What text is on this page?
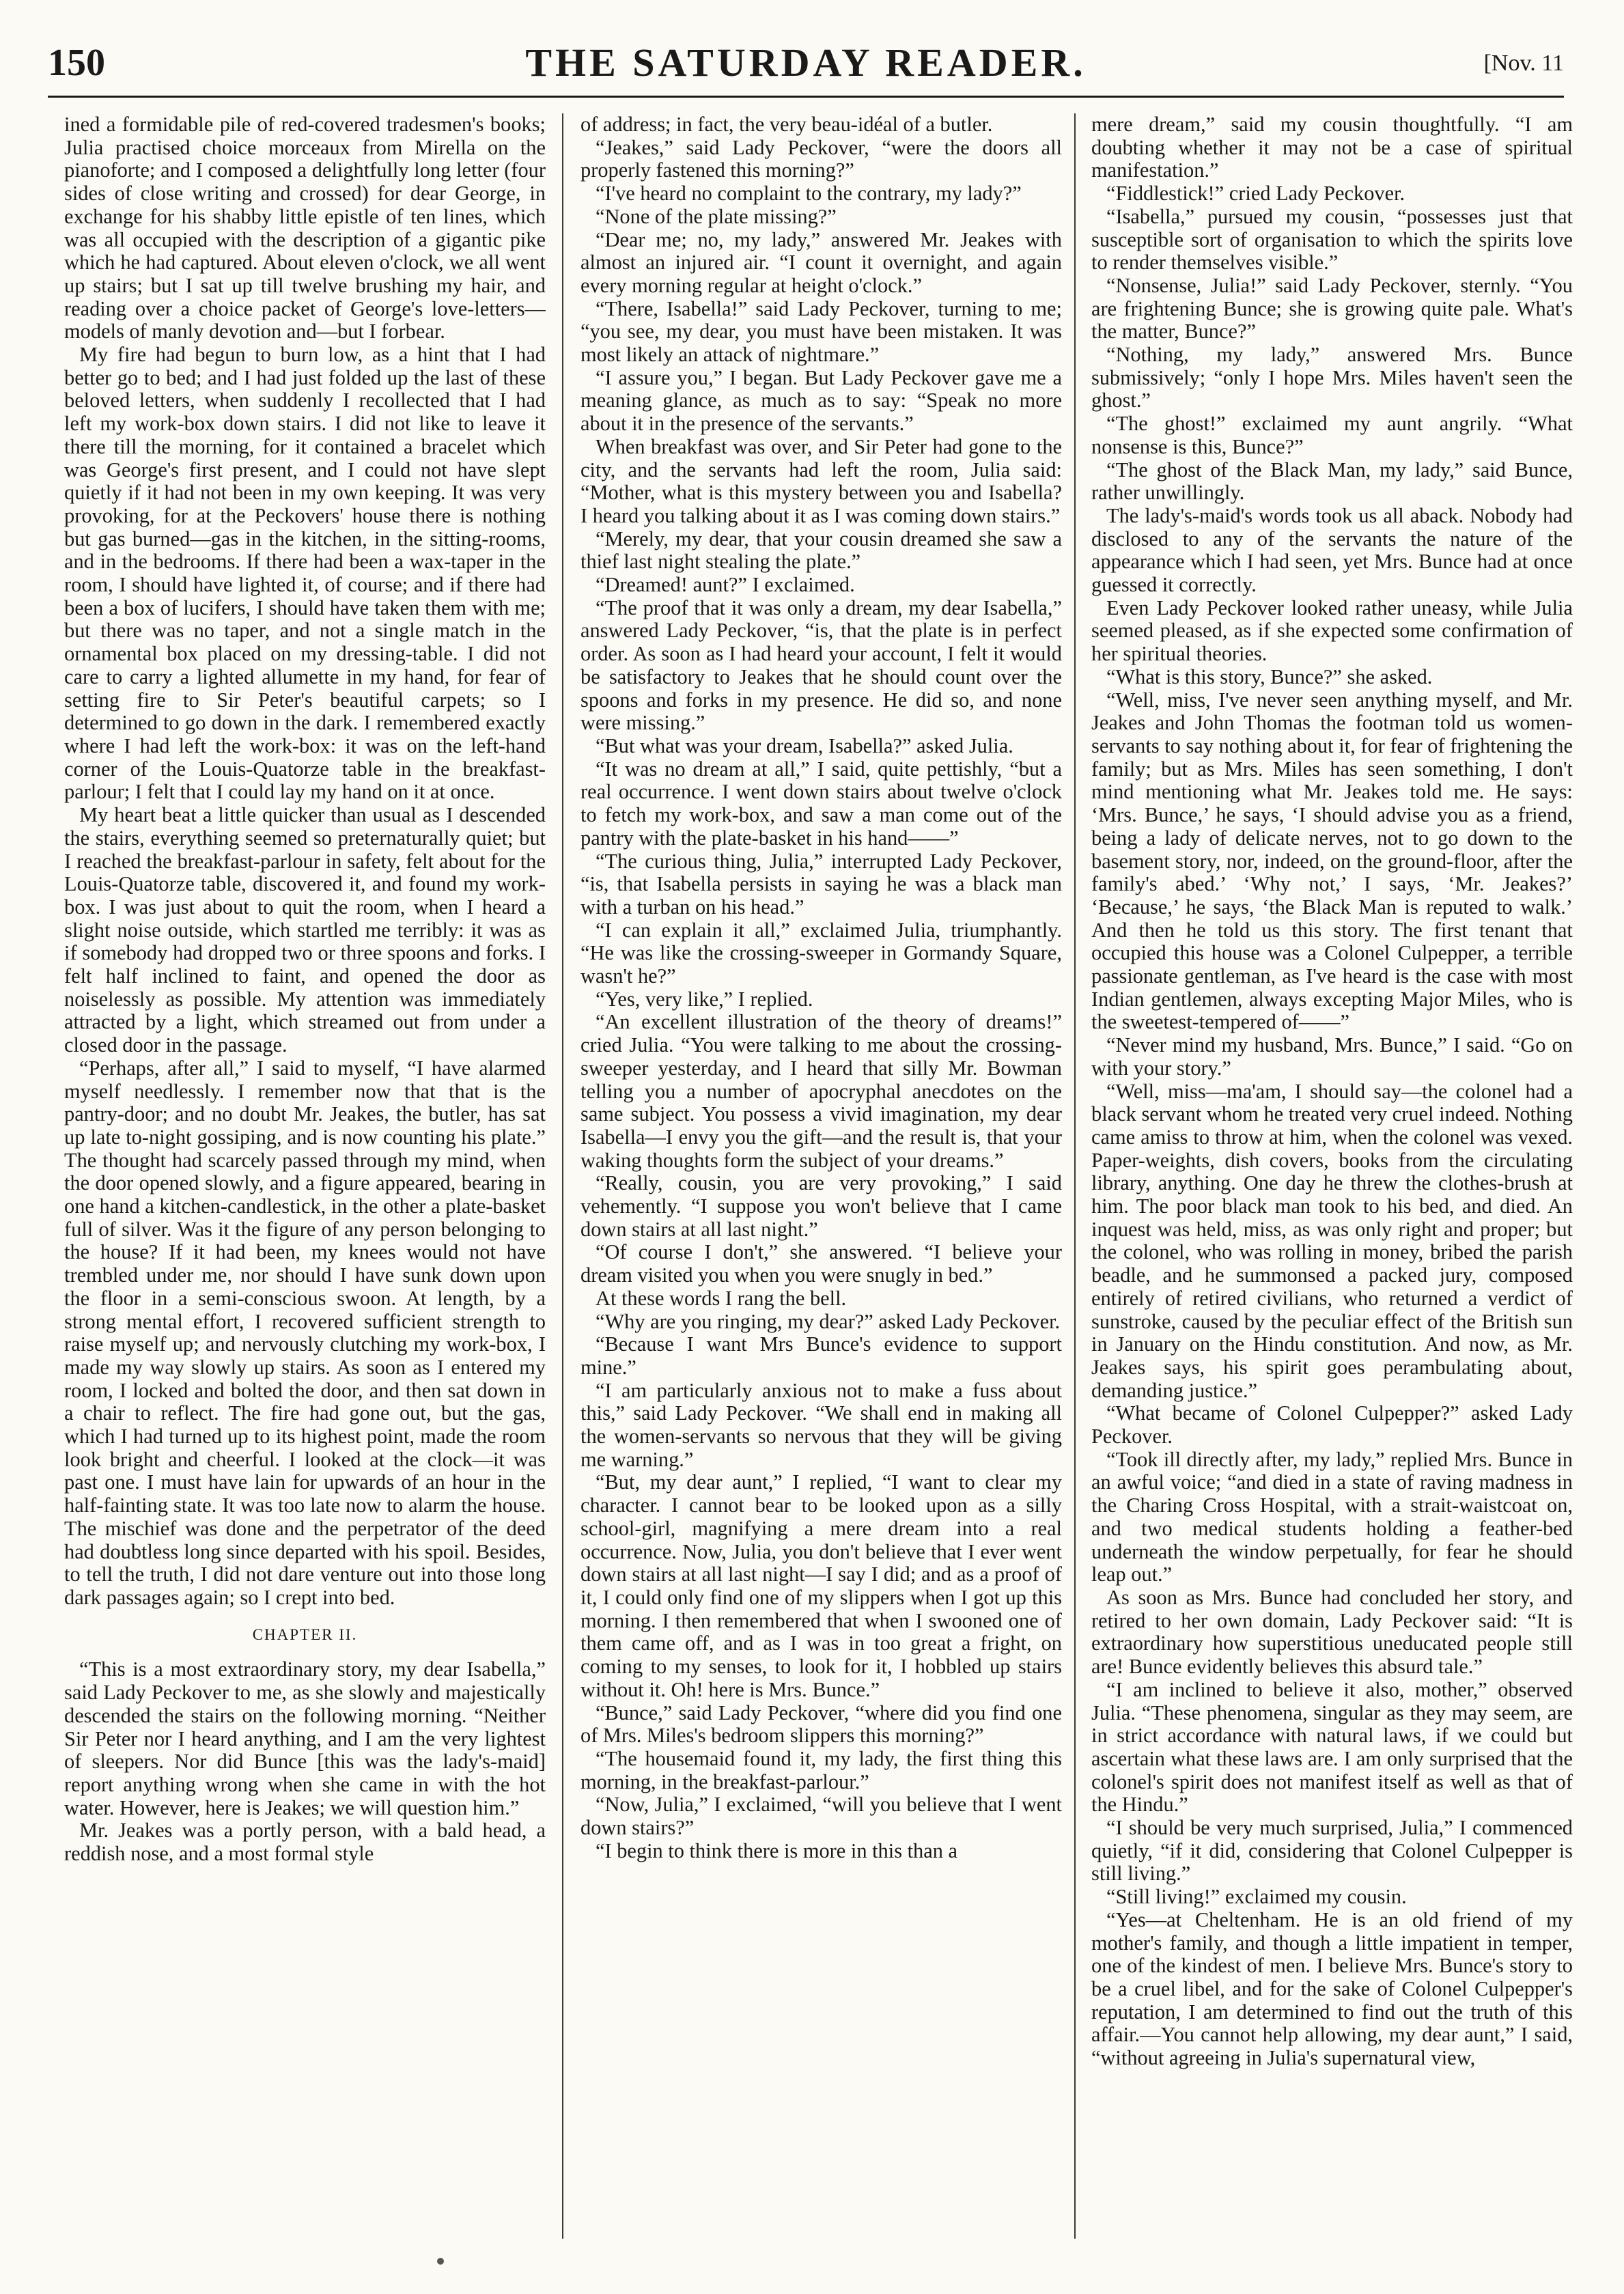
150	THE SATURDAY READER.	[Nov. 11

ined a formidable pile of red-covered tradesmen's books; Julia practised choice morceaux from Mirella on the pianoforte; and I composed a delightfully long letter (four sides of close writing and crossed) for dear George, in exchange for his shabby little epistle of ten lines, which was all occupied with the description of a gigantic pike which he had captured. About eleven o'clock, we all went up stairs; but I sat up till twelve brushing my hair, and reading over a choice packet of George's love-letters—models of manly devotion and—but I forbear.

My fire had begun to burn low, as a hint that I had better go to bed; and I had just folded up the last of these beloved letters, when suddenly I recollected that I had left my work-box down stairs. I did not like to leave it there till the morning, for it contained a bracelet which was George's first present, and I could not have slept quietly if it had not been in my own keeping. It was very provoking, for at the Peckovers' house there is nothing but gas burned—gas in the kitchen, in the sitting-rooms, and in the bedrooms. If there had been a wax-taper in the room, I should have lighted it, of course; and if there had been a box of lucifers, I should have taken them with me; but there was no taper, and not a single match in the ornamental box placed on my dressing-table. I did not care to carry a lighted allumette in my hand, for fear of setting fire to Sir Peter's beautiful carpets; so I determined to go down in the dark. I remembered exactly where I had left the work-box: it was on the left-hand corner of the Louis-Quatorze table in the breakfast-parlour; I felt that I could lay my hand on it at once.

My heart beat a little quicker than usual as I descended the stairs, everything seemed so preternaturally quiet; but I reached the breakfast-parlour in safety, felt about for the Louis-Quatorze table, discovered it, and found my work-box. I was just about to quit the room, when I heard a slight noise outside, which startled me terribly: it was as if somebody had dropped two or three spoons and forks. I felt half inclined to faint, and opened the door as noiselessly as possible. My attention was immediately attracted by a light, which streamed out from under a closed door in the passage.

“Perhaps, after all,” I said to myself, “I have alarmed myself needlessly. I remember now that that is the pantry-door; and no doubt Mr. Jeakes, the butler, has sat up late to-night gossiping, and is now counting his plate.” The thought had scarcely passed through my mind, when the door opened slowly, and a figure appeared, bearing in one hand a kitchen-candlestick, in the other a plate-basket full of silver. Was it the figure of any person belonging to the house? If it had been, my knees would not have trembled under me, nor should I have sunk down upon the floor in a semi-conscious swoon. At length, by a strong mental effort, I recovered sufficient strength to raise myself up; and nervously clutching my work-box, I made my way slowly up stairs. As soon as I entered my room, I locked and bolted the door, and then sat down in a chair to reflect. The fire had gone out, but the gas, which I had turned up to its highest point, made the room look bright and cheerful. I looked at the clock—it was past one. I must have lain for upwards of an hour in the half-fainting state. It was too late now to alarm the house. The mischief was done and the perpetrator of the deed had doubtless long since departed with his spoil. Besides, to tell the truth, I did not dare venture out into those long dark passages again; so I crept into bed.

CHAPTER II.

“This is a most extraordinary story, my dear Isabella,” said Lady Peckover to me, as she slowly and majestically descended the stairs on the following morning. “Neither Sir Peter nor I heard anything, and I am the very lightest of sleepers. Nor did Bunce [this was the lady's-maid] report anything wrong when she came in with the hot water. However, here is Jeakes; we will question him.”

Mr. Jeakes was a portly person, with a bald head, a reddish nose, and a most formal style

of address; in fact, the very beau-idéal of a butler.

“Jeakes,” said Lady Peckover, “were the doors all properly fastened this morning?”

“I've heard no complaint to the contrary, my lady?”

“None of the plate missing?”

“Dear me; no, my lady,” answered Mr. Jeakes with almost an injured air. “I count it overnight, and again every morning regular at height o'clock.”

“There, Isabella!” said Lady Peckover, turning to me; “you see, my dear, you must have been mistaken. It was most likely an attack of nightmare.”

“I assure you,” I began. But Lady Peckover gave me a meaning glance, as much as to say: “Speak no more about it in the presence of the servants.”

When breakfast was over, and Sir Peter had gone to the city, and the servants had left the room, Julia said: “Mother, what is this mystery between you and Isabella? I heard you talking about it as I was coming down stairs.”

“Merely, my dear, that your cousin dreamed she saw a thief last night stealing the plate.”

“Dreamed! aunt?” I exclaimed.

“The proof that it was only a dream, my dear Isabella,” answered Lady Peckover, “is, that the plate is in perfect order. As soon as I had heard your account, I felt it would be satisfactory to Jeakes that he should count over the spoons and forks in my presence. He did so, and none were missing.”

“But what was your dream, Isabella?” asked Julia.

“It was no dream at all,” I said, quite pettishly, “but a real occurrence. I went down stairs about twelve o'clock to fetch my work-box, and saw a man come out of the pantry with the plate-basket in his hand——”

“The curious thing, Julia,” interrupted Lady Peckover, “is, that Isabella persists in saying he was a black man with a turban on his head.”

“I can explain it all,” exclaimed Julia, triumphantly. “He was like the crossing-sweeper in Gormandy Square, wasn't he?”

“Yes, very like,” I replied.

“An excellent illustration of the theory of dreams!” cried Julia. “You were talking to me about the crossing-sweeper yesterday, and I heard that silly Mr. Bowman telling you a number of apocryphal anecdotes on the same subject. You possess a vivid imagination, my dear Isabella—I envy you the gift—and the result is, that your waking thoughts form the subject of your dreams.”

“Really, cousin, you are very provoking,” I said vehemently. “I suppose you won't believe that I came down stairs at all last night.”

“Of course I don't,” she answered. “I believe your dream visited you when you were snugly in bed.”

At these words I rang the bell.

“Why are you ringing, my dear?” asked Lady Peckover.

“Because I want Mrs Bunce's evidence to support mine.”

“I am particularly anxious not to make a fuss about this,” said Lady Peckover. “We shall end in making all the women-servants so nervous that they will be giving me warning.”

“But, my dear aunt,” I replied, “I want to clear my character. I cannot bear to be looked upon as a silly school-girl, magnifying a mere dream into a real occurrence. Now, Julia, you don't believe that I ever went down stairs at all last night—I say I did; and as a proof of it, I could only find one of my slippers when I got up this morning. I then remembered that when I swooned one of them came off, and as I was in too great a fright, on coming to my senses, to look for it, I hobbled up stairs without it. Oh! here is Mrs. Bunce.”

“Bunce,” said Lady Peckover, “where did you find one of Mrs. Miles's bedroom slippers this morning?”

“The housemaid found it, my lady, the first thing this morning, in the breakfast-parlour.”

“Now, Julia,” I exclaimed, “will you believe that I went down stairs?”

“I begin to think there is more in this than a

mere dream,” said my cousin thoughtfully. “I am doubting whether it may not be a case of spiritual manifestation.”

“Fiddlestick!” cried Lady Peckover.

“Isabella,” pursued my cousin, “possesses just that susceptible sort of organisation to which the spirits love to render themselves visible.”

“Nonsense, Julia!” said Lady Peckover, sternly. “You are frightening Bunce; she is growing quite pale. What's the matter, Bunce?”

“Nothing, my lady,” answered Mrs. Bunce submissively; “only I hope Mrs. Miles haven't seen the ghost.”

“The ghost!” exclaimed my aunt angrily. “What nonsense is this, Bunce?”

“The ghost of the Black Man, my lady,” said Bunce, rather unwillingly.

The lady's-maid's words took us all aback. Nobody had disclosed to any of the servants the nature of the appearance which I had seen, yet Mrs. Bunce had at once guessed it correctly.

Even Lady Peckover looked rather uneasy, while Julia seemed pleased, as if she expected some confirmation of her spiritual theories.

“What is this story, Bunce?” she asked.

“Well, miss, I've never seen anything myself, and Mr. Jeakes and John Thomas the footman told us women-servants to say nothing about it, for fear of frightening the family; but as Mrs. Miles has seen something, I don't mind mentioning what Mr. Jeakes told me. He says: ‘Mrs. Bunce,’ he says, ‘I should advise you as a friend, being a lady of delicate nerves, not to go down to the basement story, nor, indeed, on the ground-floor, after the family's abed.’ ‘Why not,’ I says, ‘Mr. Jeakes?’ ‘Because,’ he says, ‘the Black Man is reputed to walk.’ And then he told us this story. The first tenant that occupied this house was a Colonel Culpepper, a terrible passionate gentleman, as I've heard is the case with most Indian gentlemen, always excepting Major Miles, who is the sweetest-tempered of——”

“Never mind my husband, Mrs. Bunce,” I said. “Go on with your story.”

“Well, miss—ma'am, I should say—the colonel had a black servant whom he treated very cruel indeed. Nothing came amiss to throw at him, when the colonel was vexed. Paper-weights, dish covers, books from the circulating library, anything. One day he threw the clothes-brush at him. The poor black man took to his bed, and died. An inquest was held, miss, as was only right and proper; but the colonel, who was rolling in money, bribed the parish beadle, and he summonsed a packed jury, composed entirely of retired civilians, who returned a verdict of sunstroke, caused by the peculiar effect of the British sun in January on the Hindu constitution. And now, as Mr. Jeakes says, his spirit goes perambulating about, demanding justice.”

“What became of Colonel Culpepper?” asked Lady Peckover.

“Took ill directly after, my lady,” replied Mrs. Bunce in an awful voice; “and died in a state of raving madness in the Charing Cross Hospital, with a strait-waistcoat on, and two medical students holding a feather-bed underneath the window perpetually, for fear he should leap out.”

As soon as Mrs. Bunce had concluded her story, and retired to her own domain, Lady Peckover said: “It is extraordinary how superstitious uneducated people still are! Bunce evidently believes this absurd tale.”

“I am inclined to believe it also, mother,” observed Julia. “These phenomena, singular as they may seem, are in strict accordance with natural laws, if we could but ascertain what these laws are. I am only surprised that the colonel's spirit does not manifest itself as well as that of the Hindu.”

“I should be very much surprised, Julia,” I commenced quietly, “if it did, considering that Colonel Culpepper is still living.”

“Still living!” exclaimed my cousin.

“Yes—at Cheltenham. He is an old friend of my mother's family, and though a little impatient in temper, one of the kindest of men. I believe Mrs. Bunce's story to be a cruel libel, and for the sake of Colonel Culpepper's reputation, I am determined to find out the truth of this affair.—You cannot help allowing, my dear aunt,” I said, “without agreeing in Julia's supernatural view,
